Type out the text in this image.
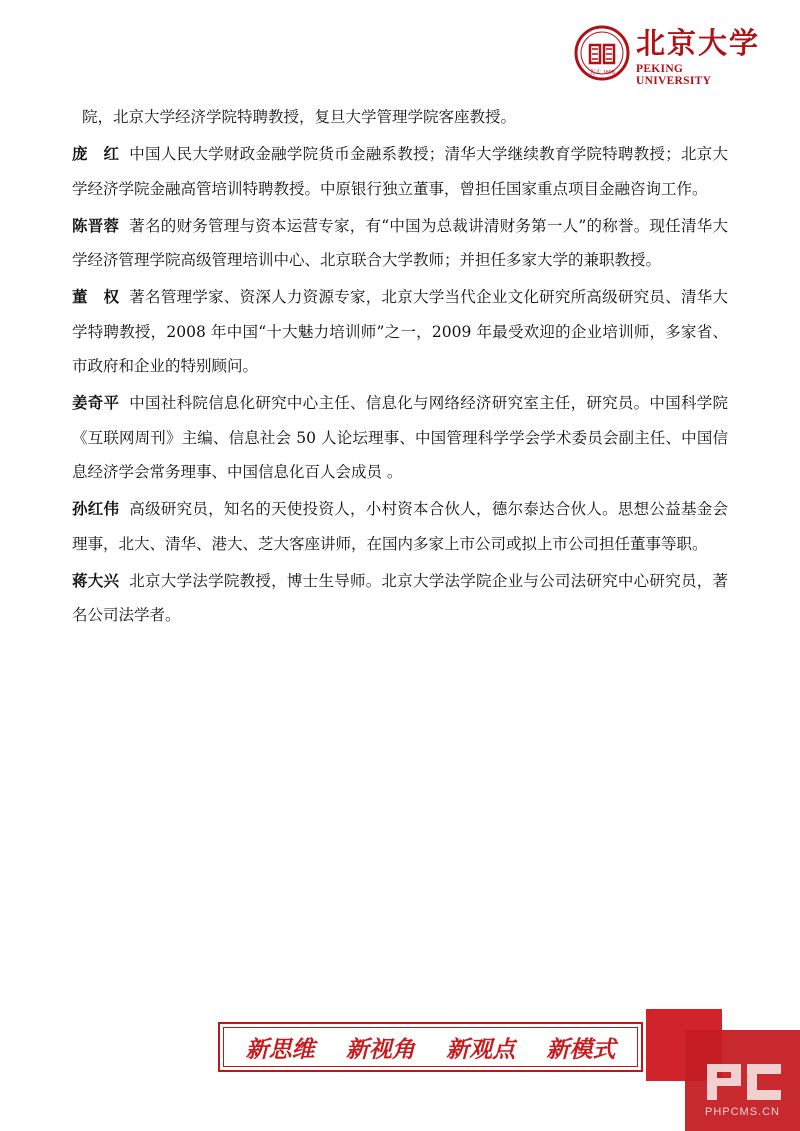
北大 1898
北京大学
PEKING UNIVERSITY

院，北京大学经济学院特聘教授，复旦大学管理学院客座教授。

庞　红 中国人民大学财政金融学院货币金融系教授；清华大学继续教育学院特聘教授；北京大学经济学院金融高管培训特聘教授。中原银行独立董事，曾担任国家重点项目金融咨询工作。

陈晋蓉 著名的财务管理与资本运营专家，有“中国为总裁讲清财务第一人”的称誉。现任清华大学经济管理学院高级管理培训中心、北京联合大学教师；并担任多家大学的兼职教授。

董　权 著名管理学家、资深人力资源专家，北京大学当代企业文化研究所高级研究员、清华大学特聘教授，2008 年中国“十大魅力培训师”之一，2009 年最受欢迎的企业培训师，多家省、市政府和企业的特别顾问。

姜奇平 中国社科院信息化研究中心主任、信息化与网络经济研究室主任，研究员。中国科学院《互联网周刊》主编、信息社会 50 人论坛理事、中国管理科学学会学术委员会副主任、中国信息经济学会常务理事、中国信息化百人会成员 。

孙红伟 高级研究员，知名的天使投资人，小村资本合伙人，德尔泰达合伙人。思想公益基金会理事，北大、清华、港大、芝大客座讲师，在国内多家上市公司或拟上市公司担任董事等职。

蒋大兴 北京大学法学院教授，博士生导师。北京大学法学院企业与公司法研究中心研究员，著名公司法学者。

新思维 新视角 新观点 新模式
PHPCMS.CN
